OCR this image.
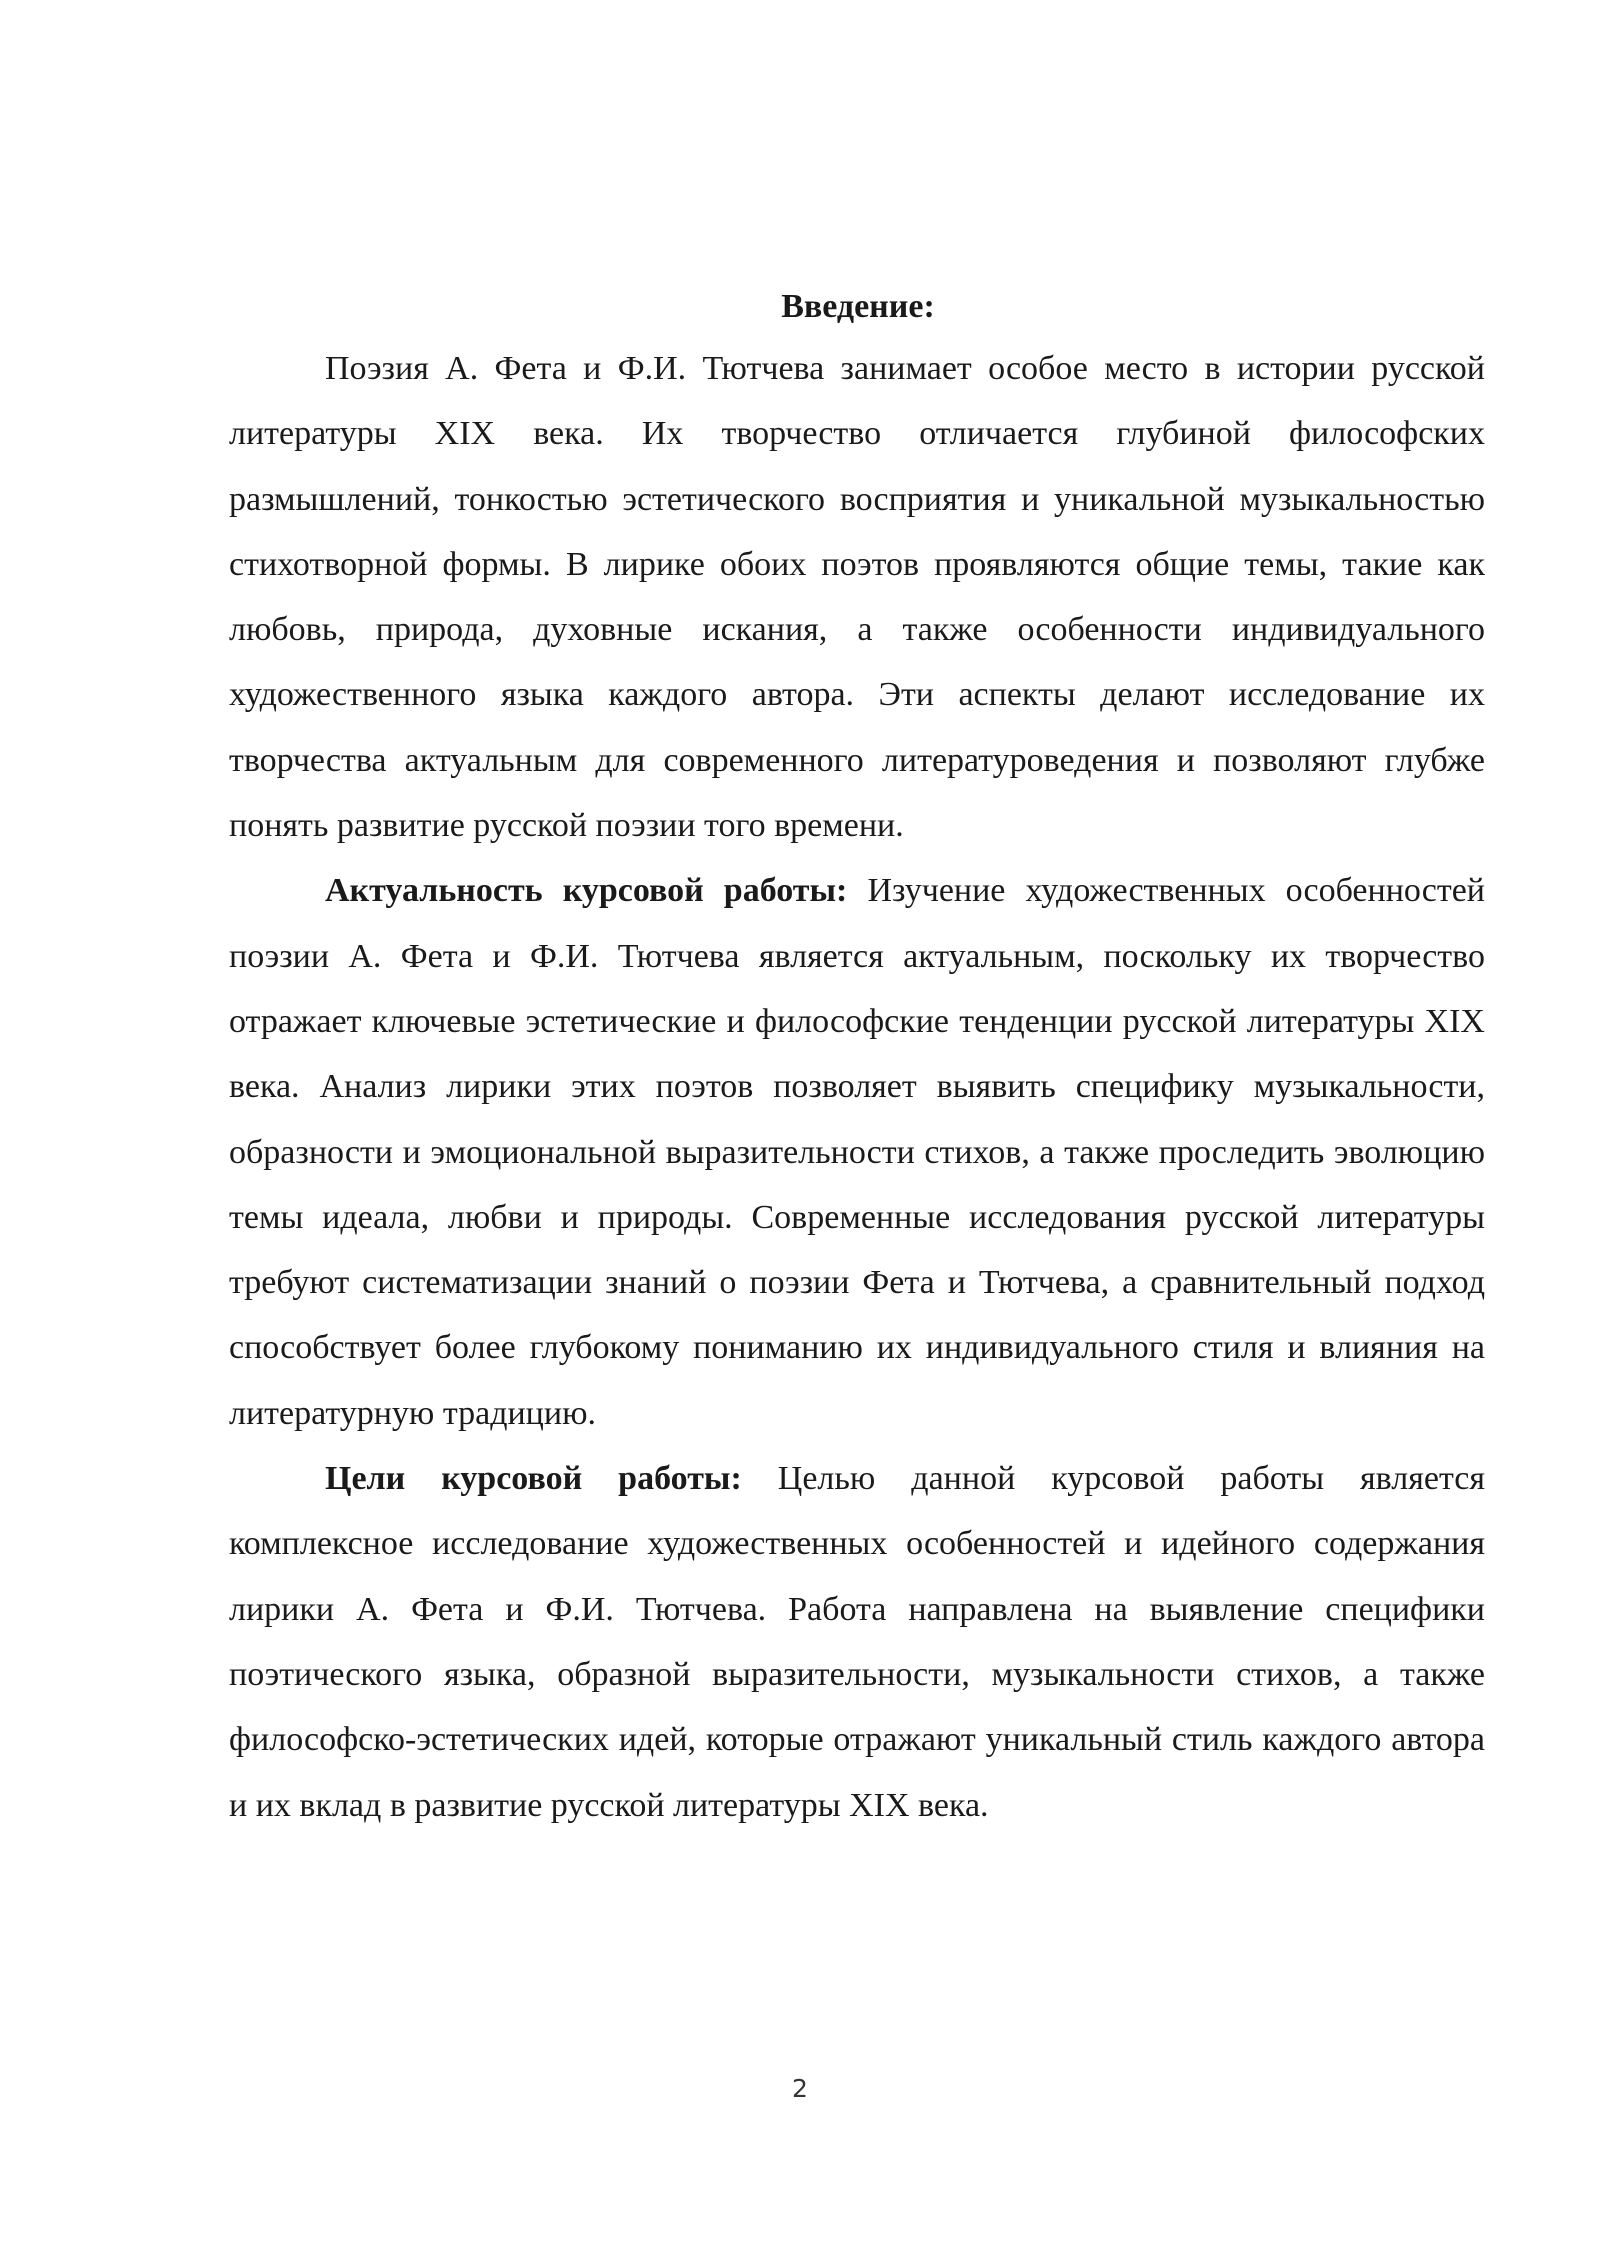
Введение:

Поэзия А. Фета и Ф.И. Тютчева занимает особое место в истории русской литературы XIX века. Их творчество отличается глубиной философских размышлений, тонкостью эстетического восприятия и уникальной музыкальностью стихотворной формы. В лирике обоих поэтов проявляются общие темы, такие как любовь, природа, духовные искания, а также особенности индивидуального художественного языка каждого автора. Эти аспекты делают исследование их творчества актуальным для современного литературоведения и позволяют глубже понять развитие русской поэзии того времени.

Актуальность курсовой работы: Изучение художественных особенностей поэзии А. Фета и Ф.И. Тютчева является актуальным, поскольку их творчество отражает ключевые эстетические и философские тенденции русской литературы XIX века. Анализ лирики этих поэтов позволяет выявить специфику музыкальности, образности и эмоциональной выразительности стихов, а также проследить эволюцию темы идеала, любви и природы. Современные исследования русской литературы требуют систематизации знаний о поэзии Фета и Тютчева, а сравнительный подход способствует более глубокому пониманию их индивидуального стиля и влияния на литературную традицию.

Цели курсовой работы: Целью данной курсовой работы является комплексное исследование художественных особенностей и идейного содержания лирики А. Фета и Ф.И. Тютчева. Работа направлена на выявление специфики поэтического языка, образной выразительности, музыкальности стихов, а также философско-эстетических идей, которые отражают уникальный стиль каждого автора и их вклад в развитие русской литературы XIX века.

2
